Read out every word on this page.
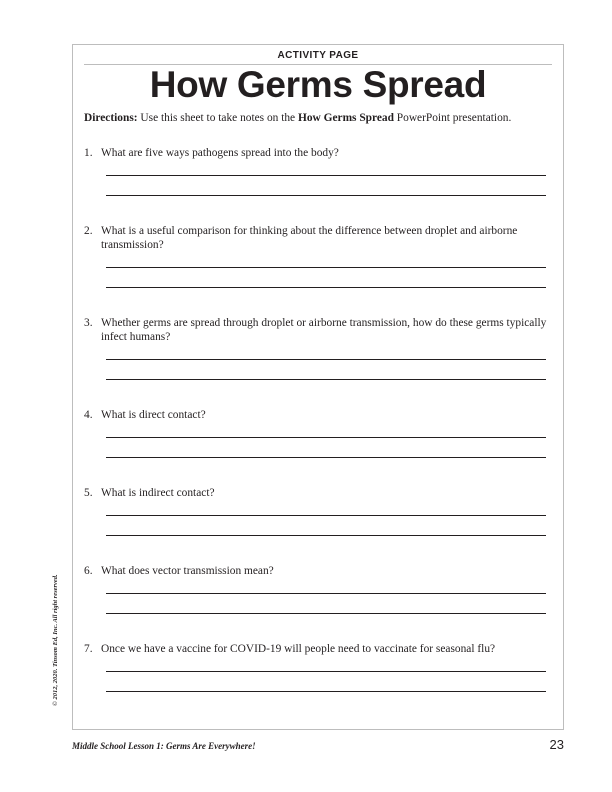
ACTIVITY PAGE
How Germs Spread
Directions: Use this sheet to take notes on the How Germs Spread PowerPoint presentation.
1. What are five ways pathogens spread into the body?
2. What is a useful comparison for thinking about the difference between droplet and airborne transmission?
3. Whether germs are spread through droplet or airborne transmission, how do these germs typically infect humans?
4. What is direct contact?
5. What is indirect contact?
6. What does vector transmission mean?
7. Once we have a vaccine for COVID-19 will people need to vaccinate for seasonal flu?
© 2012, 2020. Tinsom Ed, Inc. All right reserved.
Middle School Lesson 1: Germs Are Everywhere!	23
